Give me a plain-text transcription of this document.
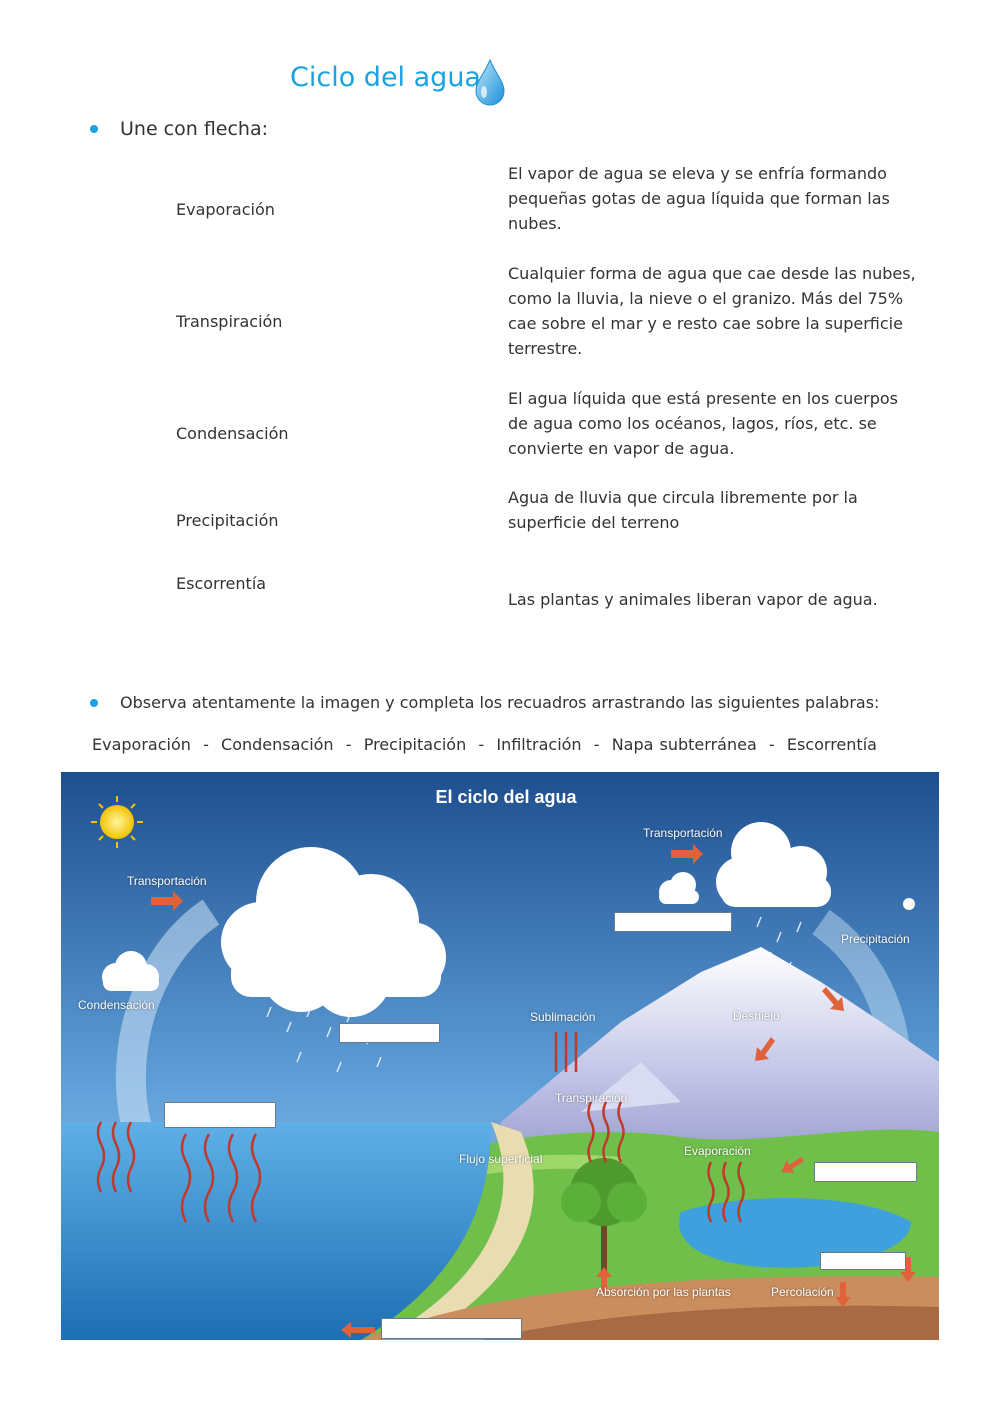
Ciclo del agua
Une con flecha:
Evaporación
Transpiración
Condensación
Precipitación
Escorrentía
El vapor de agua se eleva y se enfría formando
pequeñas gotas de agua líquida que forman las
nubes.
Cualquier forma de agua que cae desde las nubes,
como la lluvia, la nieve o el granizo. Más del 75%
cae sobre el mar y e resto cae sobre la superficie
terrestre.
El agua líquida que está presente en los cuerpos
de agua como los océanos, lagos, ríos, etc. se
convierte en vapor de agua.
Agua de lluvia que circula libremente por la
superficie del terreno
Las plantas y animales liberan vapor de agua.
Observa atentamente la imagen y completa los recuadros arrastrando las siguientes palabras:
Evaporación - Condensación - Precipitación - Infiltración - Napa subterránea - Escorrentía
El ciclo del agua
Transportación
Transportación
Condensación
Precipitación
Sublimación	Deshielo
Transpiración
Flujo superficial
Evaporación
Absorción por las plantas	Percolación
